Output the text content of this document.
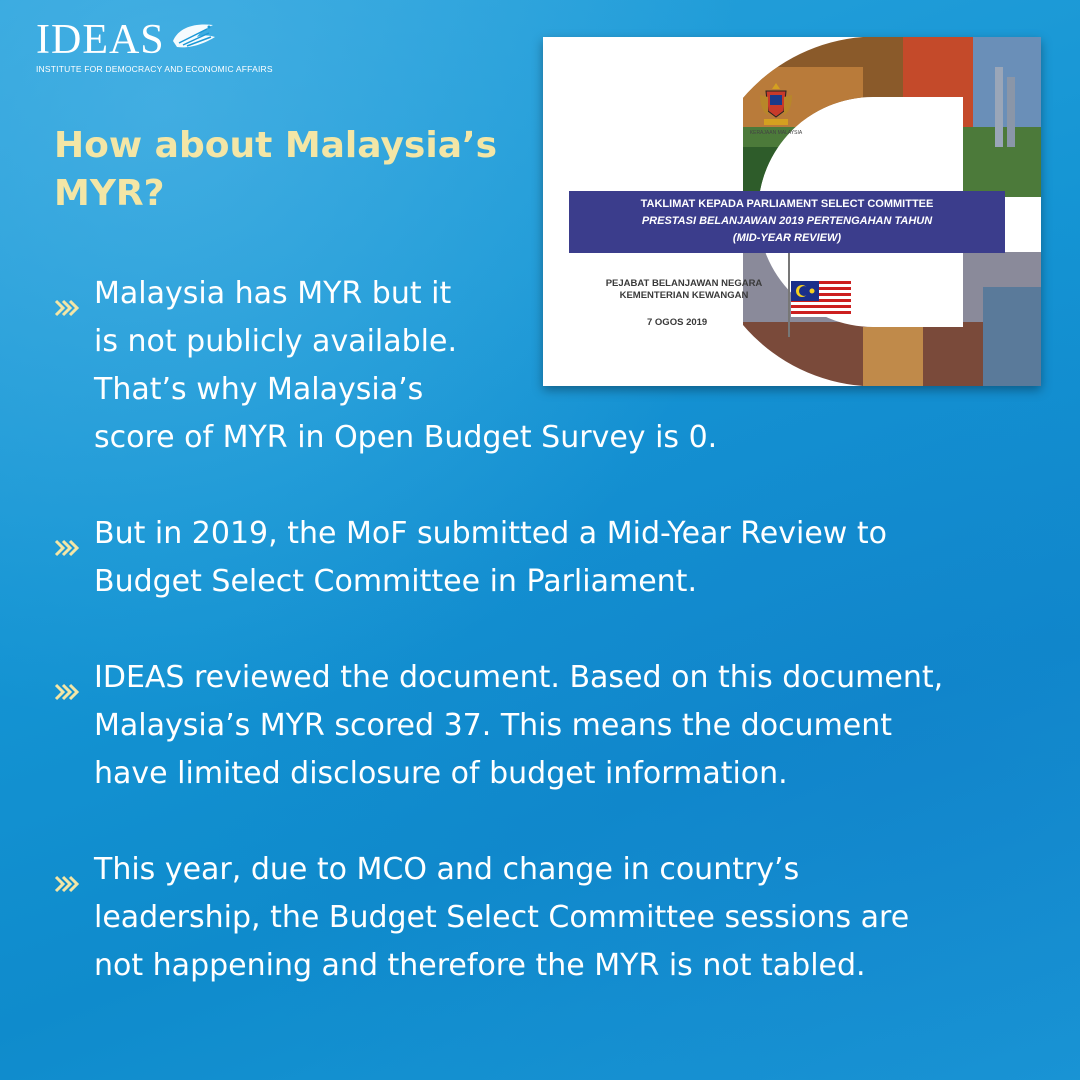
IDEAS
INSTITUTE FOR DEMOCRACY AND ECONOMIC AFFAIRS
How about Malaysia’s MYR?
KERAJAAN MALAYSIA
TAKLIMAT KEPADA PARLIAMENT SELECT COMMITTEE
PRESTASI BELANJAWAN 2019 PERTENGAHAN TAHUN
(MID-YEAR REVIEW)
PEJABAT BELANJAWAN NEGARA
KEMENTERIAN KEWANGAN
7 OGOS 2019
Malaysia has MYR but it
is not publicly available.
That’s why Malaysia’s
score of MYR in Open Budget Survey is 0.
But in 2019, the MoF submitted a Mid-Year Review to
Budget Select Committee in Parliament.
IDEAS reviewed the document. Based on this document,
Malaysia’s MYR scored 37. This means the document
have limited disclosure of budget information.
This year, due to MCO and change in country’s
leadership, the Budget Select Committee sessions are
not happening and therefore the MYR is not tabled.
